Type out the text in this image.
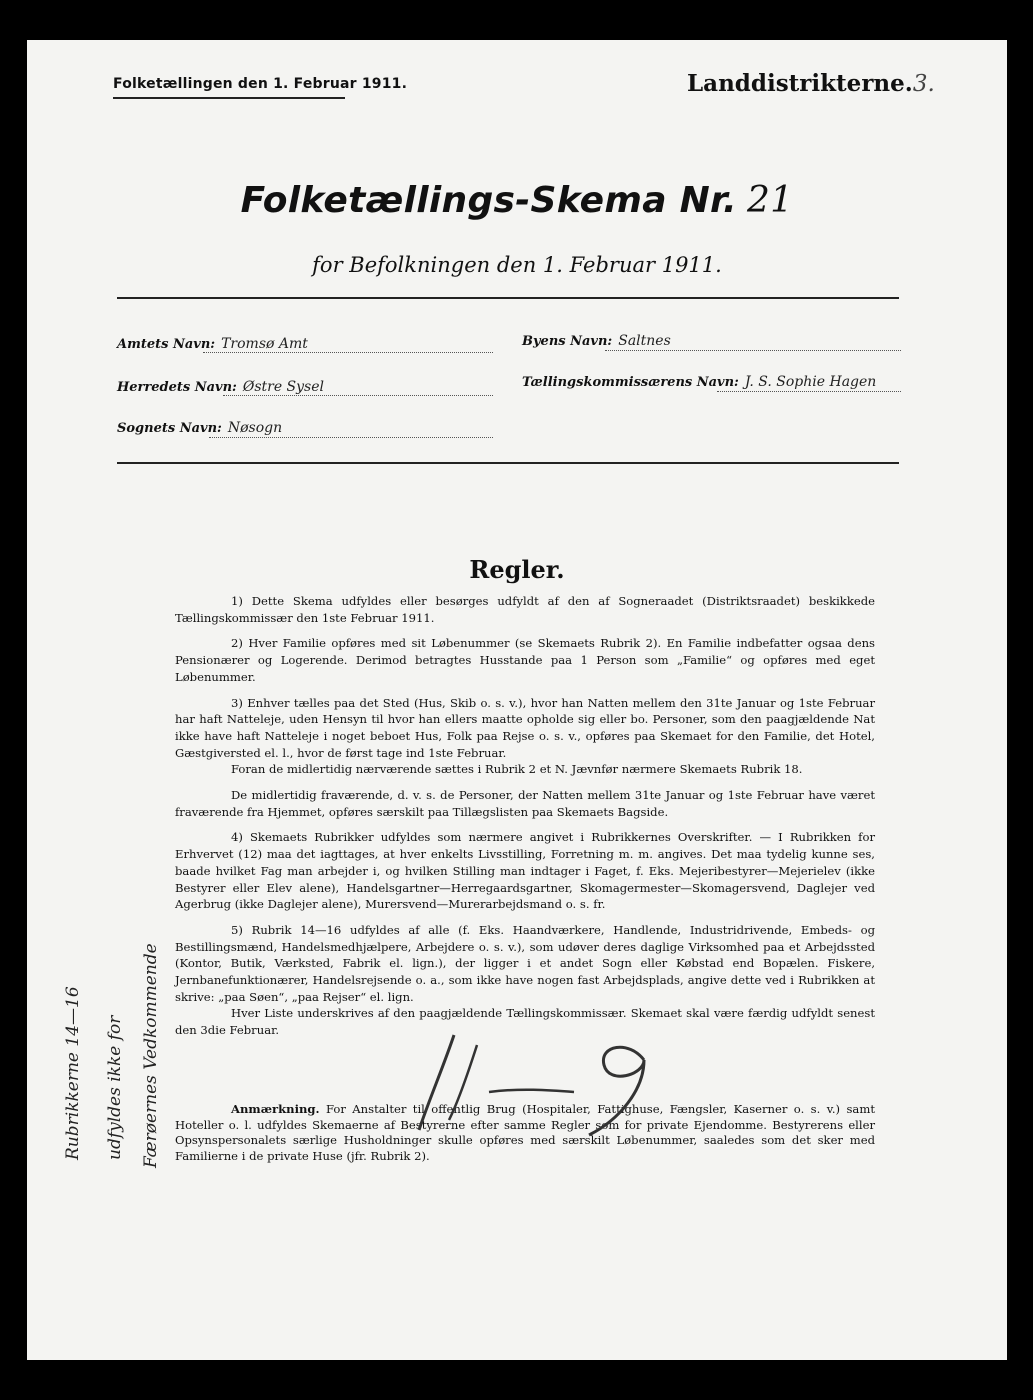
Folketællingen den 1. Februar 1911.	Landdistrikterne.3.
Folketællings-Skema Nr. 21
for Befolkningen den 1. Februar 1911.
Amtets Navn: Tromsø Amt	Byens Navn: Saltnes
Herredets Navn: Østre Sysel	Tællingskommissærens Navn: J. S. Sophie Hagen
Sognets Navn: Nøsogn
Regler.

1) Dette Skema udfyldes eller besørges udfyldt af den af Sogneraadet (Distriktsraadet) beskikkede Tællingskommissær den 1ste Februar 1911.

2) Hver Familie opføres med sit Løbenummer (se Skemaets Rubrik 2). En Familie indbefatter ogsaa dens Pensionærer og Logerende. Derimod betragtes Husstande paa 1 Person som „Familie“ og opføres med eget Løbenummer.

3) Enhver tælles paa det Sted (Hus, Skib o. s. v.), hvor han Natten mellem den 31te Januar og 1ste Februar har haft Natteleje, uden Hensyn til hvor han ellers maatte opholde sig eller bo. Personer, som den paagjældende Nat ikke have haft Natteleje i noget beboet Hus, Folk paa Rejse o. s. v., opføres paa Skemaet for den Familie, det Hotel, Gæstgiversted el. l., hvor de først tage ind 1ste Februar.

Foran de midlertidig nærværende sættes i Rubrik 2 et N. Jævnfør nærmere Skemaets Rubrik 18.

De midlertidig fraværende, d. v. s. de Personer, der Natten mellem 31te Januar og 1ste Februar have været fraværende fra Hjemmet, opføres særskilt paa Tillægslisten paa Skemaets Bagside.

4) Skemaets Rubrikker udfyldes som nærmere angivet i Rubrikkernes Overskrifter. — I Rubrikken for Erhvervet (12) maa det iagttages, at hver enkelts Livsstilling, Forretning m. m. angives. Det maa tydelig kunne ses, baade hvilket Fag man arbejder i, og hvilken Stilling man indtager i Faget, f. Eks. Mejeribestyrer—Mejerielev (ikke Bestyrer eller Elev alene), Handelsgartner—Herregaardsgartner, Skomagermester—Skomagersvend, Daglejer ved Agerbrug (ikke Daglejer alene), Murersvend—Murerarbejdsmand o. s. fr.

5) Rubrik 14—16 udfyldes af alle (f. Eks. Haandværkere, Handlende, Industridrivende, Embeds- og Bestillingsmænd, Handelsmedhjælpere, Arbejdere o. s. v.), som udøver deres daglige Virksomhed paa et Arbejdssted (Kontor, Butik, Værksted, Fabrik el. lign.), der ligger i et andet Sogn eller Købstad end Bopælen. Fiskere, Jernbanefunktionærer, Handelsrejsende o. a., som ikke have nogen fast Arbejdsplads, angive dette ved i Rubrikken at skrive: „paa Søen“, „paa Rejser“ el. lign.

Hver Liste underskrives af den paagjældende Tællingskommissær. Skemaet skal være færdig udfyldt senest den 3die Februar.

Anmærkning. For Anstalter til offentlig Brug (Hospitaler, Fattighuse, Fængsler, Kaserner o. s. v.) samt Hoteller o. l. udfyldes Skemaerne af Bestyrerne efter samme Regler som for private Ejendomme. Bestyrerens eller Opsynspersonalets særlige Husholdninger skulle opføres med særskilt Løbenummer, saaledes som det sker med Familierne i de private Huse (jfr. Rubrik 2).

Rubrikkerne 14—16 udfyldes ikke for Færøernes Vedkommende
